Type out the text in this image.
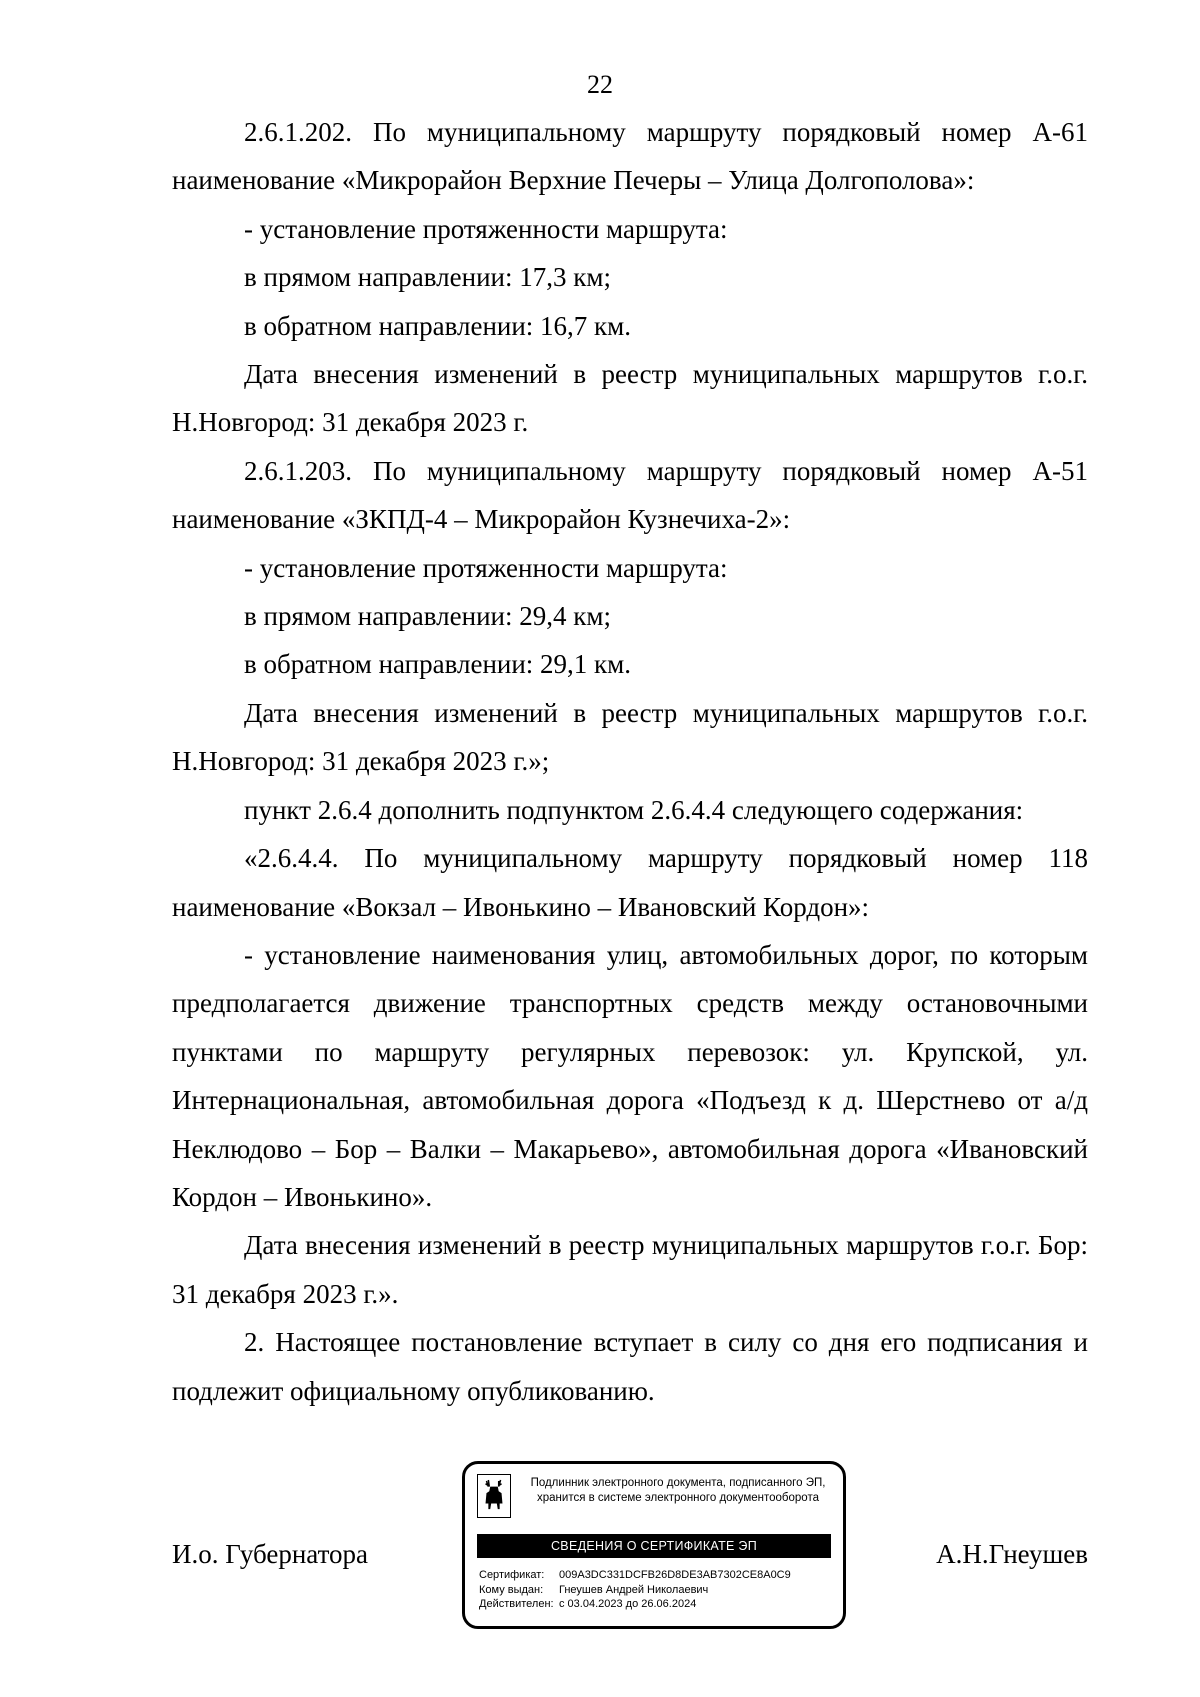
22

2.6.1.202. По муниципальному маршруту порядковый номер А-61 наименование «Микрорайон Верхние Печеры – Улица Долгополова»:

- установление протяженности маршрута:

в прямом направлении: 17,3 км;

в обратном направлении: 16,7 км.

Дата внесения изменений в реестр муниципальных маршрутов г.о.г. Н.Новгород: 31 декабря 2023 г.

2.6.1.203. По муниципальному маршруту порядковый номер А-51 наименование «ЗКПД-4 – Микрорайон Кузнечиха-2»:

- установление протяженности маршрута:

в прямом направлении: 29,4 км;

в обратном направлении: 29,1 км.

Дата внесения изменений в реестр муниципальных маршрутов г.о.г. Н.Новгород: 31 декабря 2023 г.»;

пункт 2.6.4 дополнить подпунктом 2.6.4.4 следующего содержания:

«2.6.4.4. По муниципальному маршруту порядковый номер 118 наименование «Вокзал – Ивонькино – Ивановский Кордон»:

- установление наименования улиц, автомобильных дорог, по которым предполагается движение транспортных средств между остановочными пунктами по маршруту регулярных перевозок: ул. Крупской, ул. Интернациональная, автомобильная дорога «Подъезд к д. Шерстнево от а/д Неклюдово – Бор – Валки – Макарьево», автомобильная дорога «Ивановский Кордон – Ивонькино».

Дата внесения изменений в реестр муниципальных маршрутов г.о.г. Бор: 31 декабря 2023 г.».

2. Настоящее постановление вступает в силу со дня его подписания и подлежит официальному опубликованию.

И.о. Губернатора	А.Н.Гнеушев
Подлинник электронного документа, подписанного ЭП,
хранится в системе электронного документооборота
СВЕДЕНИЯ О СЕРТИФИКАТЕ ЭП
Сертификат: 009A3DC331DCFB26D8DE3AB7302CE8A0C9
Кому выдан: Гнеушев Андрей Николаевич
Действителен: с 03.04.2023 до 26.06.2024
